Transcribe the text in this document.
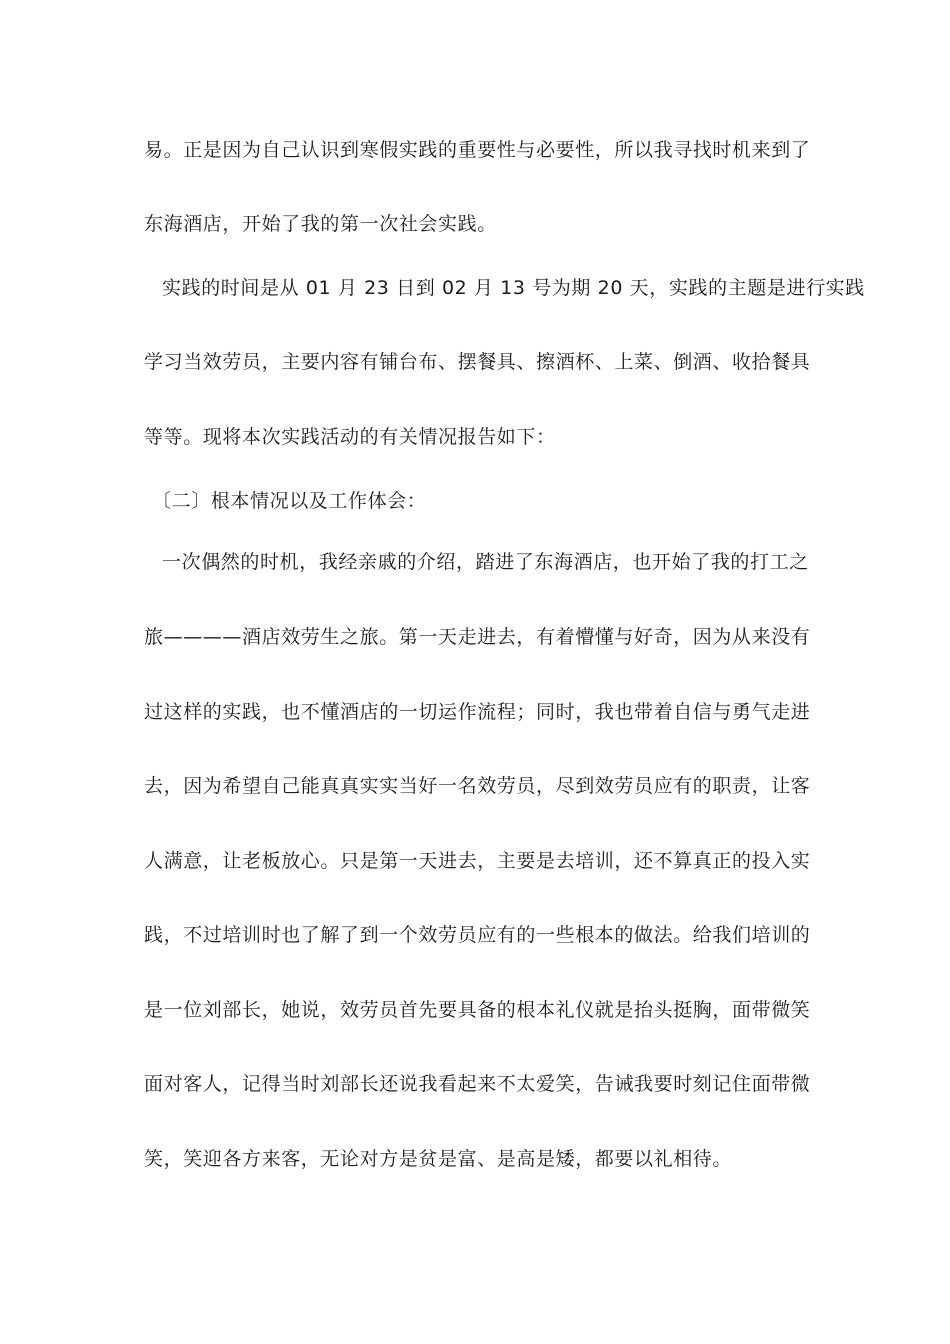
易。正是因为自己认识到寒假实践的重要性与必要性，所以我寻找时机来到了
东海酒店，开始了我的第一次社会实践。
实践的时间是从 01 月 23 日到 02 月 13 号为期 20 天，实践的主题是进行实践
学习当效劳员，主要内容有铺台布、摆餐具、擦酒杯、上菜、倒酒、收拾餐具
等等。现将本次实践活动的有关情况报告如下：
〔二〕根本情况以及工作体会：
一次偶然的时机，我经亲戚的介绍，踏进了东海酒店，也开始了我的打工之
旅————酒店效劳生之旅。第一天走进去，有着懵懂与好奇，因为从来没有
过这样的实践，也不懂酒店的一切运作流程；同时，我也带着自信与勇气走进
去，因为希望自己能真真实实当好一名效劳员，尽到效劳员应有的职责，让客
人满意，让老板放心。只是第一天进去，主要是去培训，还不算真正的投入实
践，不过培训时也了解了到一个效劳员应有的一些根本的做法。给我们培训的
是一位刘部长，她说，效劳员首先要具备的根本礼仪就是抬头挺胸，面带微笑
面对客人，记得当时刘部长还说我看起来不太爱笑，告诫我要时刻记住面带微
笑，笑迎各方来客，无论对方是贫是富、是高是矮，都要以礼相待。
